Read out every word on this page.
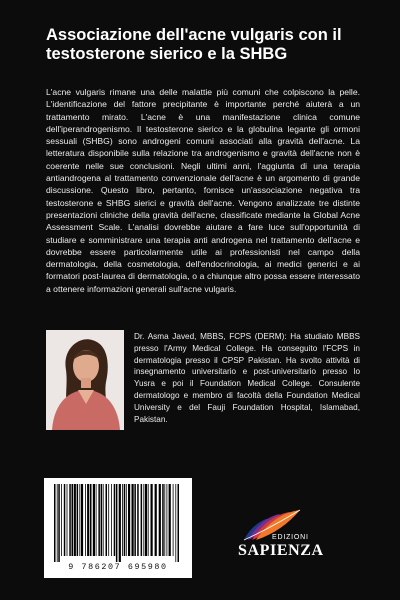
Associazione dell'acne vulgaris con il testosterone sierico e la SHBG

L'acne vulgaris rimane una delle malattie più comuni che colpiscono la pelle. L'identificazione del fattore precipitante è importante perché aiuterà a un trattamento mirato. L'acne è una manifestazione clinica comune dell'iperandrogenismo. Il testosterone sierico e la globulina legante gli ormoni sessuali (SHBG) sono androgeni comuni associati alla gravità dell'acne. La letteratura disponibile sulla relazione tra androgenismo e gravità dell'acne non è coerente nelle sue conclusioni. Negli ultimi anni, l'aggiunta di una terapia antiandrogena al trattamento convenzionale dell'acne è un argomento di grande discussione. Questo libro, pertanto, fornisce un'associazione negativa tra testosterone e SHBG sierici e gravità dell'acne. Vengono analizzate tre distinte presentazioni cliniche della gravità dell'acne, classificate mediante la Global Acne Assessment Scale. L'analisi dovrebbe aiutare a fare luce sull'opportunità di studiare e somministrare una terapia anti androgena nel trattamento dell'acne e dovrebbe essere particolarmente utile ai professionisti nel campo della dermatologia, della cosmetologia, dell'endocrinologia, ai medici generici e ai formatori post-laurea di dermatologia, o a chiunque altro possa essere interessato a ottenere informazioni generali sull'acne vulgaris.

Dr. Asma Javed, MBBS, FCPS (DERM): Ha studiato MBBS presso l'Army Medical College. Ha conseguito l'FCPS in dermatologia presso il CPSP Pakistan. Ha svolto attività di insegnamento universitario e post-universitario presso lo Yusra e poi il Foundation Medical College. Consulente dermatologo e membro di facoltà della Foundation Medical University e del Fauji Foundation Hospital, Islamabad, Pakistan.

9 786207 695980
EDIZIONI
SAPIENZA
